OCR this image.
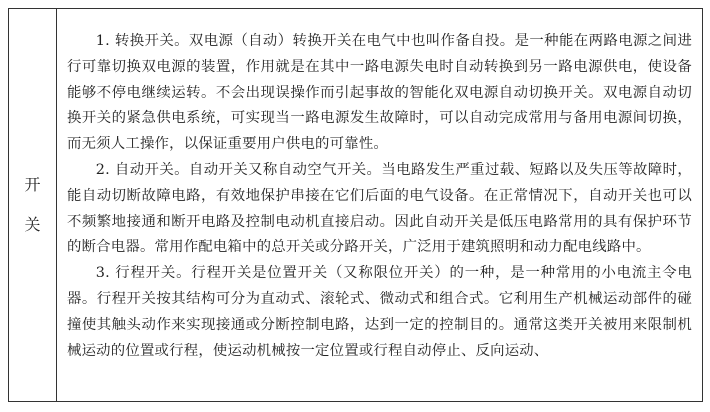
开
关

1. 转换开关。双电源（自动）转换开关在电气中也叫作备自投。是一种能在两路电源之间进行可靠切换双电源的装置，作用就是在其中一路电源失电时自动转换到另一路电源供电，使设备能够不停电继续运转。不会出现误操作而引起事故的智能化双电源自动切换开关。双电源自动切换开关的紧急供电系统，可实现当一路电源发生故障时，可以自动完成常用与备用电源间切换，而无须人工操作，以保证重要用户供电的可靠性。

2. 自动开关。自动开关又称自动空气开关。当电路发生严重过载、短路以及失压等故障时，能自动切断故障电路，有效地保护串接在它们后面的电气设备。在正常情况下，自动开关也可以不频繁地接通和断开电路及控制电动机直接启动。因此自动开关是低压电路常用的具有保护环节的断合电器。常用作配电箱中的总开关或分路开关，广泛用于建筑照明和动力配电线路中。

3. 行程开关。行程开关是位置开关（又称限位开关）的一种，是一种常用的小电流主令电器。行程开关按其结构可分为直动式、滚轮式、微动式和组合式。它利用生产机械运动部件的碰撞使其触头动作来实现接通或分断控制电路，达到一定的控制目的。通常这类开关被用来限制机械运动的位置或行程，使运动机械按一定位置或行程自动停止、反向运动、
